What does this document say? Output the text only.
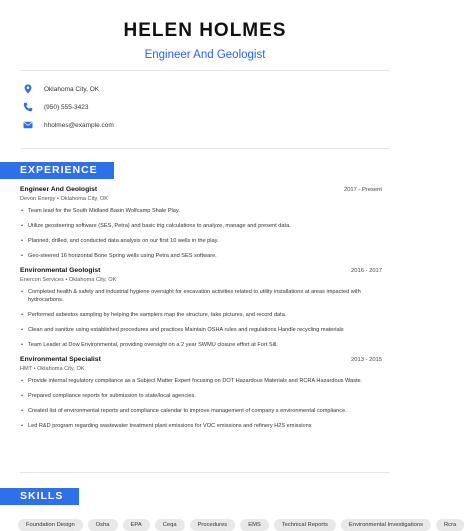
HELEN HOLMES
Engineer And Geologist
Oklahoma City, OK
(950) 555-3423
hholmes@example.com
EXPERIENCE
Engineer And Geologist	2017 - Present
Devon Energy • Oklahoma City, OK
• Team lead for the South Midland Basin Wolfcamp Shale Play.
• Utilize geosteering software (SES, Petra) and basic trig calculations to analyze, manage and present data.
• Planned, drilled, and conducted data analysis on our first 10 wells in the play.
• Geo-steered 16 horizontal Bone Spring wells using Petra and SES software.
Environmental Geologist	2016 - 2017
Enercon Services • Oklahoma City, OK
• Completed health & safety and industrial hygiene oversight for excavation activities related to utility installations at areas impacted with hydrocarbons.
• Performed asbestos sampling by helping the samplers map the structure, take pictures, and record data.
• Clean and sanitize using established procedures and practices Maintain OSHA rules and regulations Handle recycling materials
• Team Leader at Dow Environmental, providing oversight on a 2 year SWMU closure effort at Fort Sill.
Environmental Specialist	2013 - 2015
HMT • Oklahoma City, OK
• Provide internal regulatory compliance as a Subject Matter Expert focusing on DOT Hazardous Materials and RCRA Hazardous Waste.
• Prepared compliance reports for submission to state/local agencies.
• Created list of environmental reports and compliance calendar to improve management of company s environmental compliance.
• Led R&D program regarding wastewater treatment plant emissions for VOC emissions and refinery H2S emissions
SKILLS
Foundation Design	Osha	EPA	Ceqa	Procedures	EMS	Technical Reports	Environmental Investigations	Rcra
